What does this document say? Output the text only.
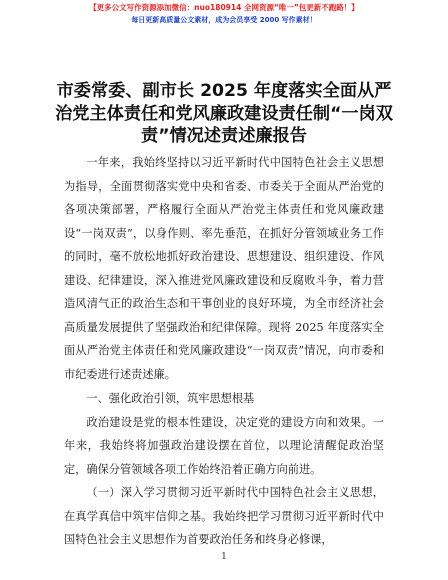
【更多公文写作资源添加微信：nuo180914 全网资源“唯一”包更新不跑路！】
每日更新高质量公文素材，成为会员享受 2000 写作素材！
市委常委、副市长 2025 年度落实全面从严治党主体责任和党风廉政建设责任制“一岗双责”情况述责述廉报告

一年来，我始终坚持以习近平新时代中国特色社会主义思想为指导，全面贯彻落实党中央和省委、市委关于全面从严治党的各项决策部署，严格履行全面从严治党主体责任和党风廉政建设“一岗双责”，以身作则、率先垂范，在抓好分管领域业务工作的同时，毫不放松地抓好政治建设、思想建设、组织建设、作风建设、纪律建设，深入推进党风廉政建设和反腐败斗争，着力营造风清气正的政治生态和干事创业的良好环境，为全市经济社会高质量发展提供了坚强政治和纪律保障。现将 2025 年度落实全面从严治党主体责任和党风廉政建设“一岗双责”情况，向市委和市纪委进行述责述廉。

一、强化政治引领，筑牢思想根基

政治建设是党的根本性建设，决定党的建设方向和效果。一年来，我始终将加强政治建设摆在首位，以理论清醒促政治坚定，确保分管领域各项工作始终沿着正确方向前进。

（一）深入学习贯彻习近平新时代中国特色社会主义思想，在真学真信中筑牢信仰之基。我始终把学习贯彻习近平新时代中国特色社会主义思想作为首要政治任务和终身必修课，

1
